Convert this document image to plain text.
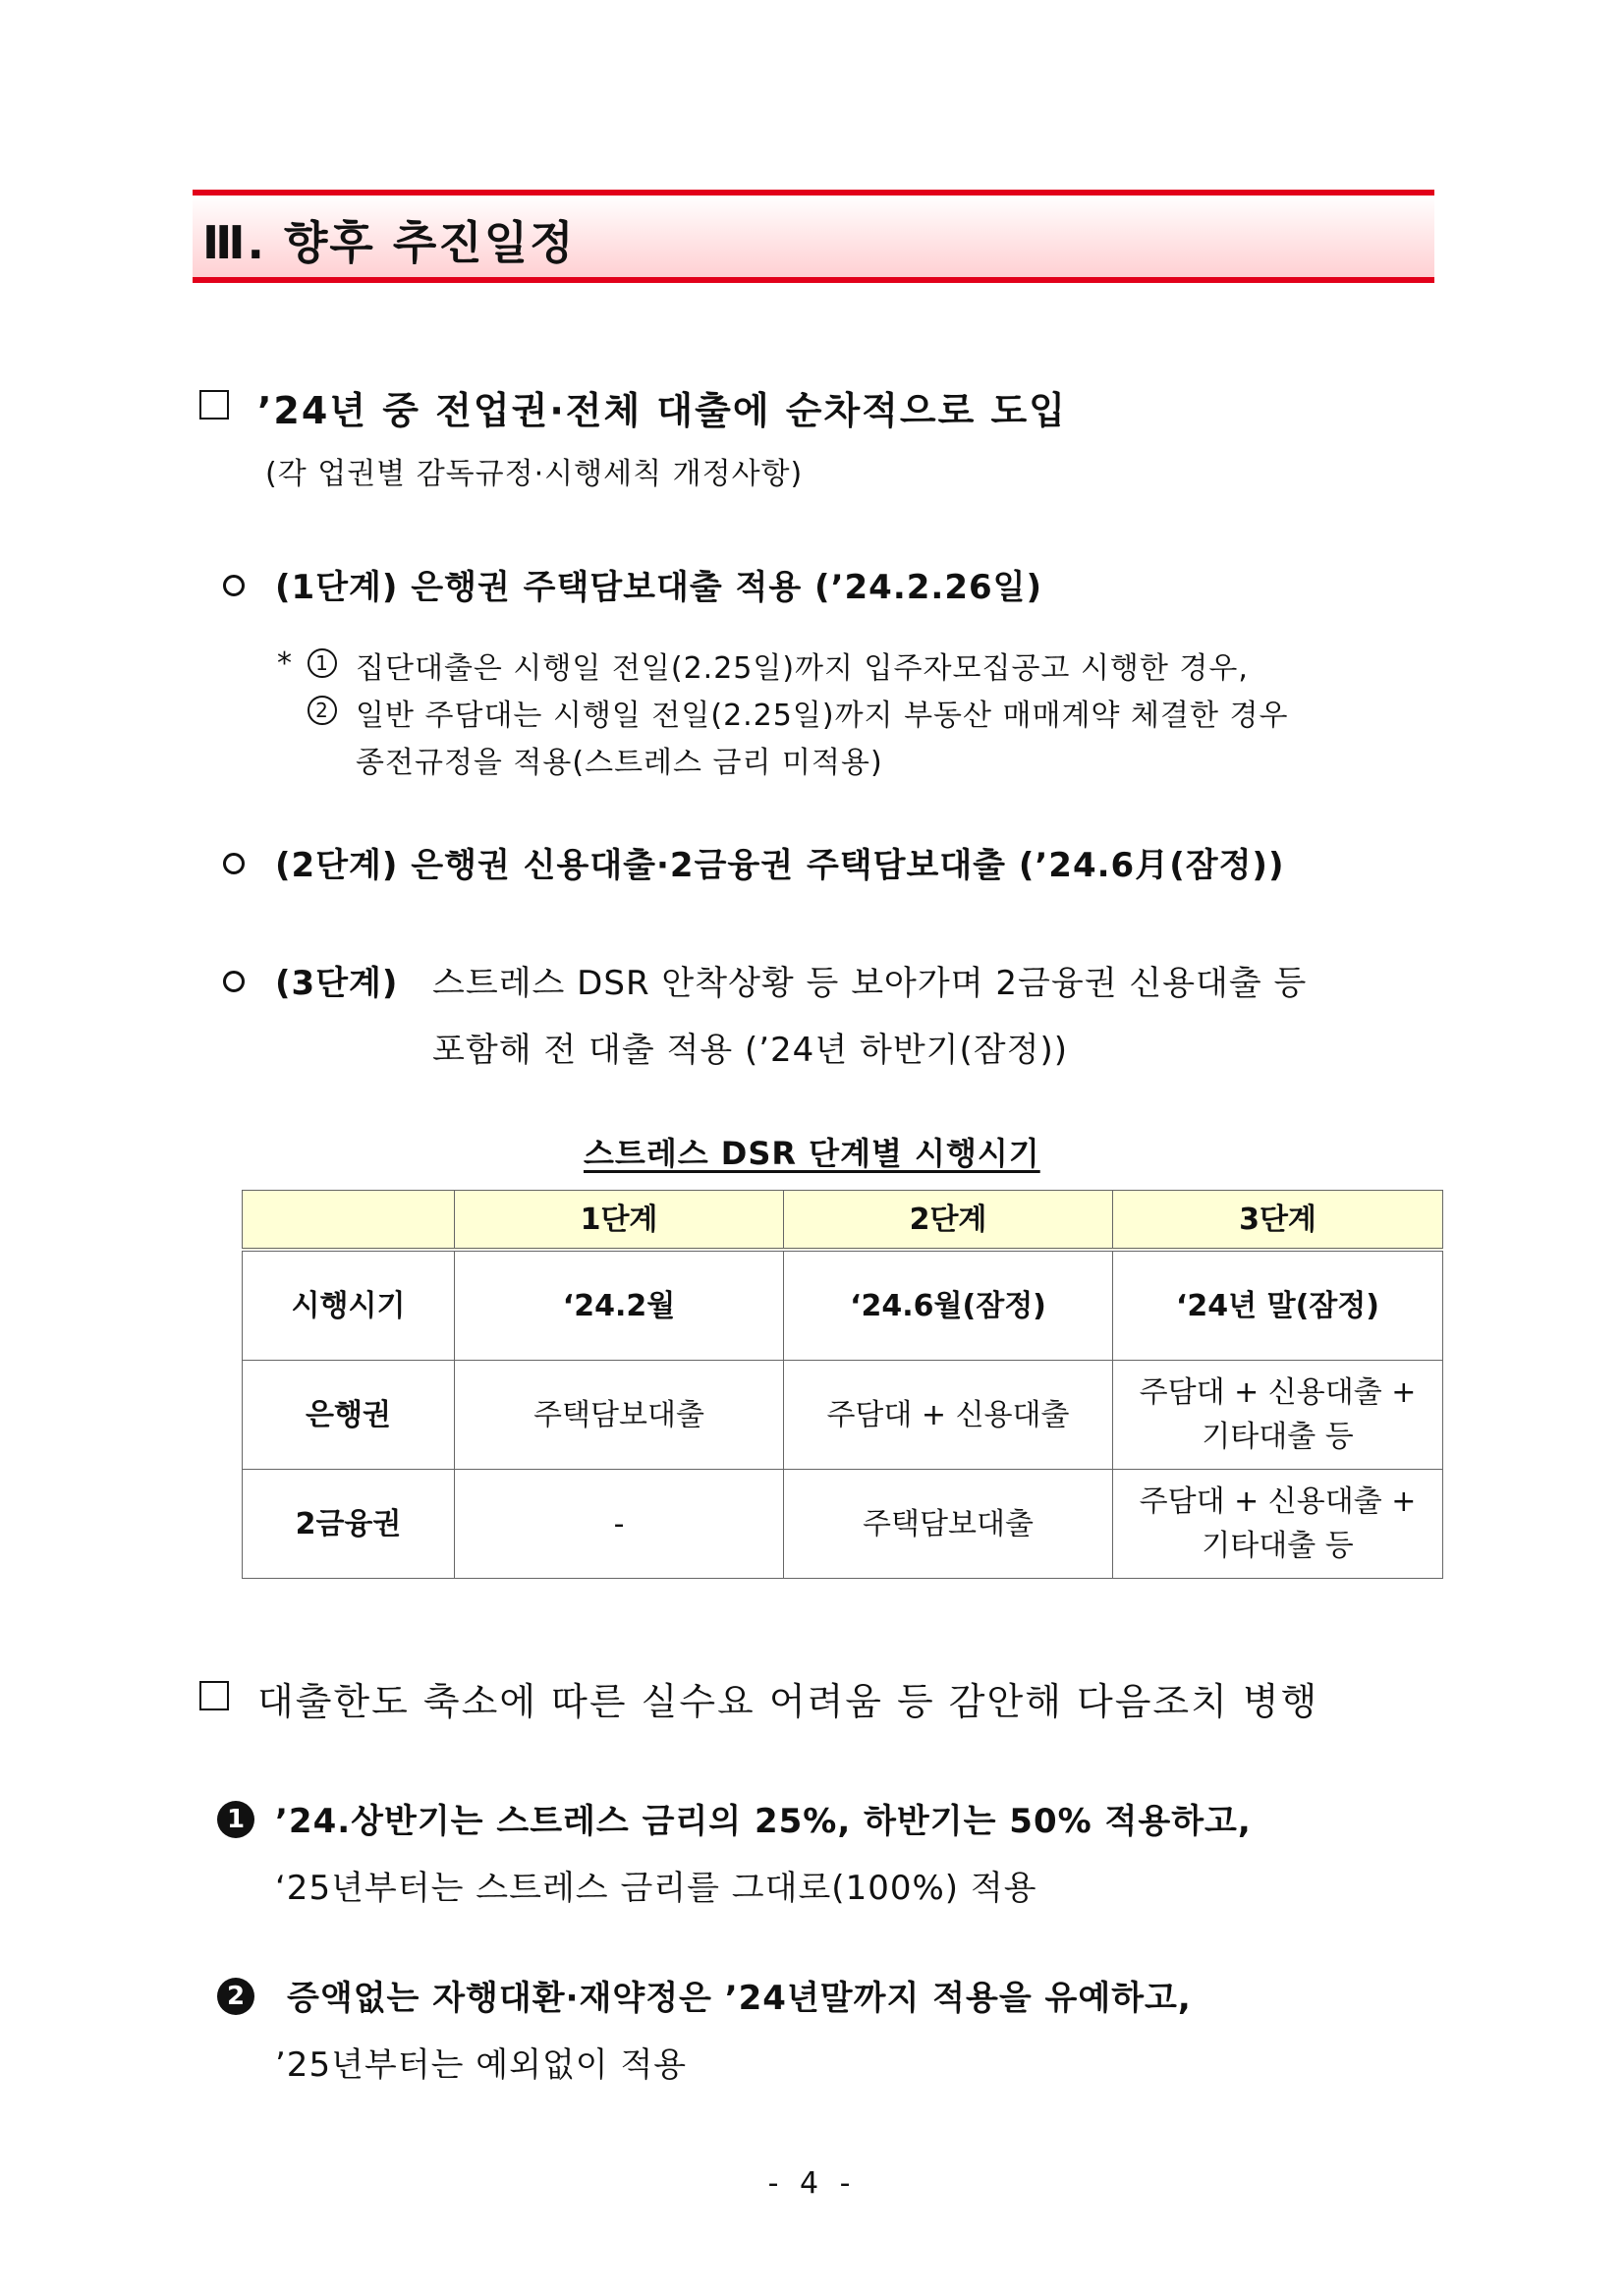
Ⅲ. 향후 추진일정
’24년 중 전업권·전체 대출에 순차적으로 도입
(각 업권별 감독규정·시행세칙 개정사항)
(1단계) 은행권 주택담보대출 적용 (’24.2.26일)
*	1 집단대출은 시행일 전일(2.25일)까지 입주자모집공고 시행한 경우,
2 일반 주담대는 시행일 전일(2.25일)까지 부동산 매매계약 체결한 경우
종전규정을 적용(스트레스 금리 미적용)
(2단계) 은행권 신용대출·2금융권 주택담보대출 (’24.6月(잠정))
(3단계) 스트레스 DSR 안착상황 등 보아가며 2금융권 신용대출 등
포함해 전 대출 적용 (’24년 하반기(잠정))
스트레스 DSR 단계별 시행시기
	1단계	2단계	3단계
시행시기	‘24.2월	‘24.6월(잠정)	‘24년 말(잠정)
은행권	주택담보대출	주담대 + 신용대출	주담대 + 신용대출 +
기타대출 등

2금융권	-	주택담보대출	주담대 + 신용대출 +
기타대출 등
대출한도 축소에 따른 실수요 어려움 등 감안해 다음조치 병행
1 ’24.상반기는 스트레스 금리의 25%, 하반기는 50% 적용하고,
‘25년부터는 스트레스 금리를 그대로(100%) 적용
2 증액없는 자행대환·재약정은 ’24년말까지 적용을 유예하고,
’25년부터는 예외없이 적용
- 4 -
